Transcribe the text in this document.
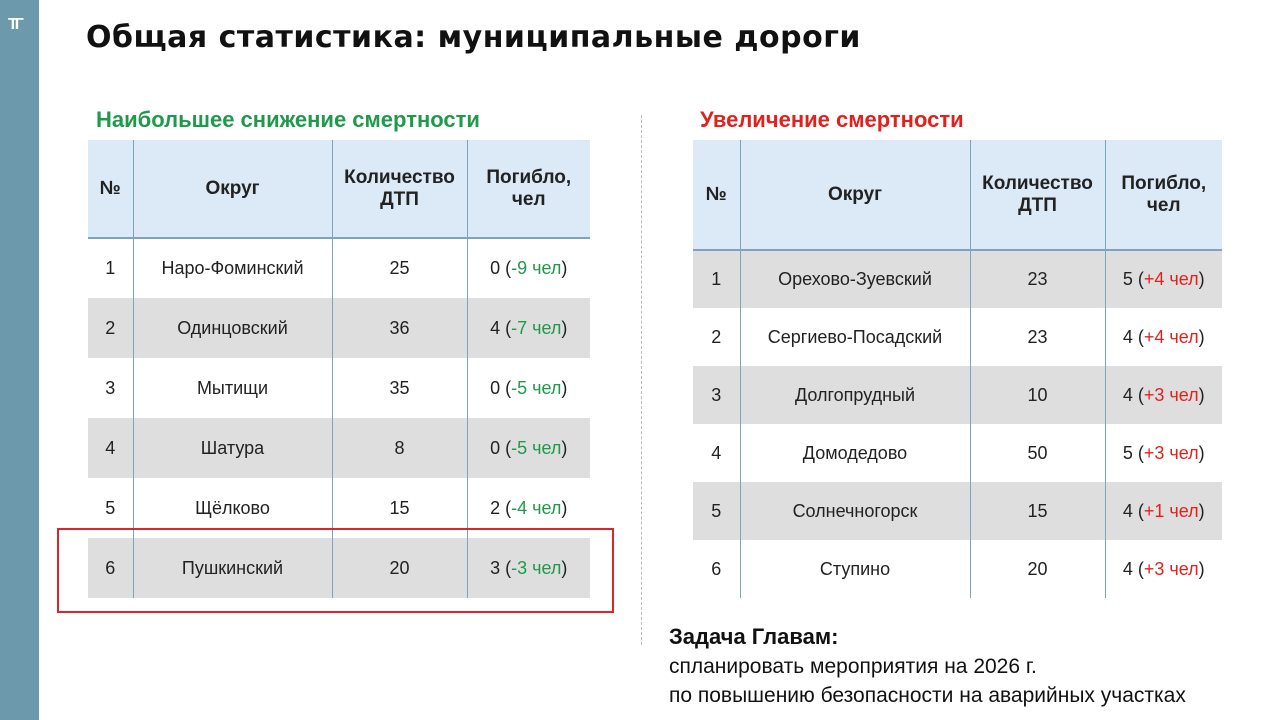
ТГ Общая статистика: муниципальные дороги
Наибольшее снижение смертности	Увеличение смертности
№	Округ	Количество ДТП	Погибло, чел
1	Наро-Фоминский	25	0 (-9 чел)
2	Одинцовский	36	4 (-7 чел)
3	Мытищи	35	0 (-5 чел)
4	Шатура	8	0 (-5 чел)
5	Щёлково	15	2 (-4 чел)
6	Пушкинский	20	3 (-3 чел)
№	Округ	Количество ДТП	Погибло, чел
1	Орехово-Зуевский	23	5 (+4 чел)
2	Сергиево-Посадский	23	4 (+4 чел)
3	Долгопрудный	10	4 (+3 чел)
4	Домодедово	50	5 (+3 чел)
5	Солнечногорск	15	4 (+1 чел)
6	Ступино	20	4 (+3 чел)
Задача Главам:
спланировать мероприятия на 2026 г.
по повышению безопасности на аварийных участках
